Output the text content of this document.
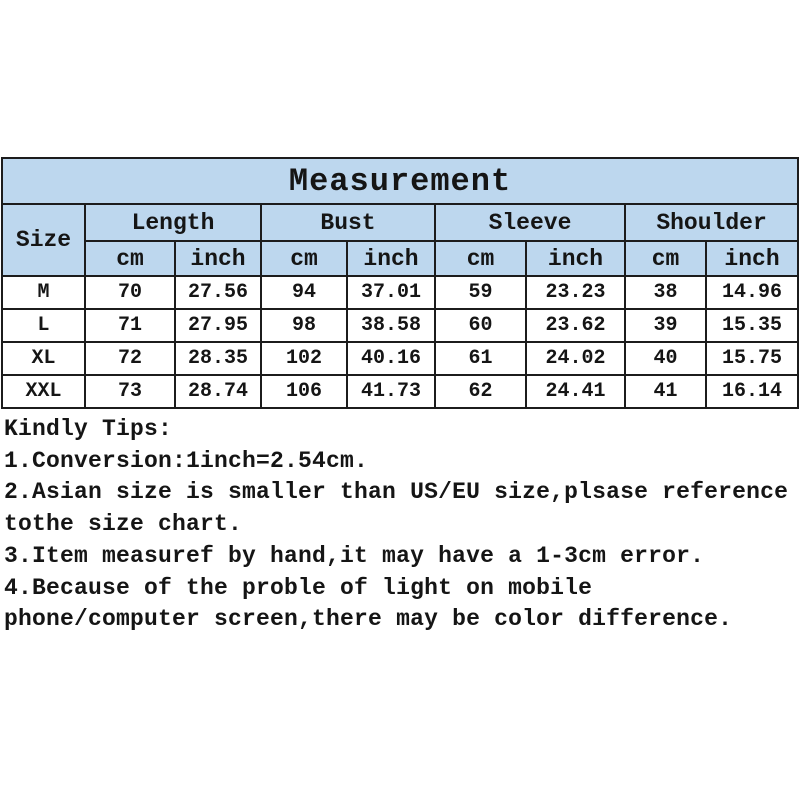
Measurement								
Size	Length		Bust		Sleeve		Shoulder	
	cm	inch	cm	inch	cm	inch	cm	inch
M	70	27.56	94	37.01	59	23.23	38	14.96
L	71	27.95	98	38.58	60	23.62	39	15.35
XL	72	28.35	102	40.16	61	24.02	40	15.75
XXL	73	28.74	106	41.73	62	24.41	41	16.14
Kindly Tips:
1.Conversion:1inch=2.54cm.
2.Asian size is smaller than US/EU size,plsase reference
tothe size chart.
3.Item measuref by hand,it may have a 1-3cm error.
4.Because of the proble of light on mobile
phone/computer screen,there may be color difference.
